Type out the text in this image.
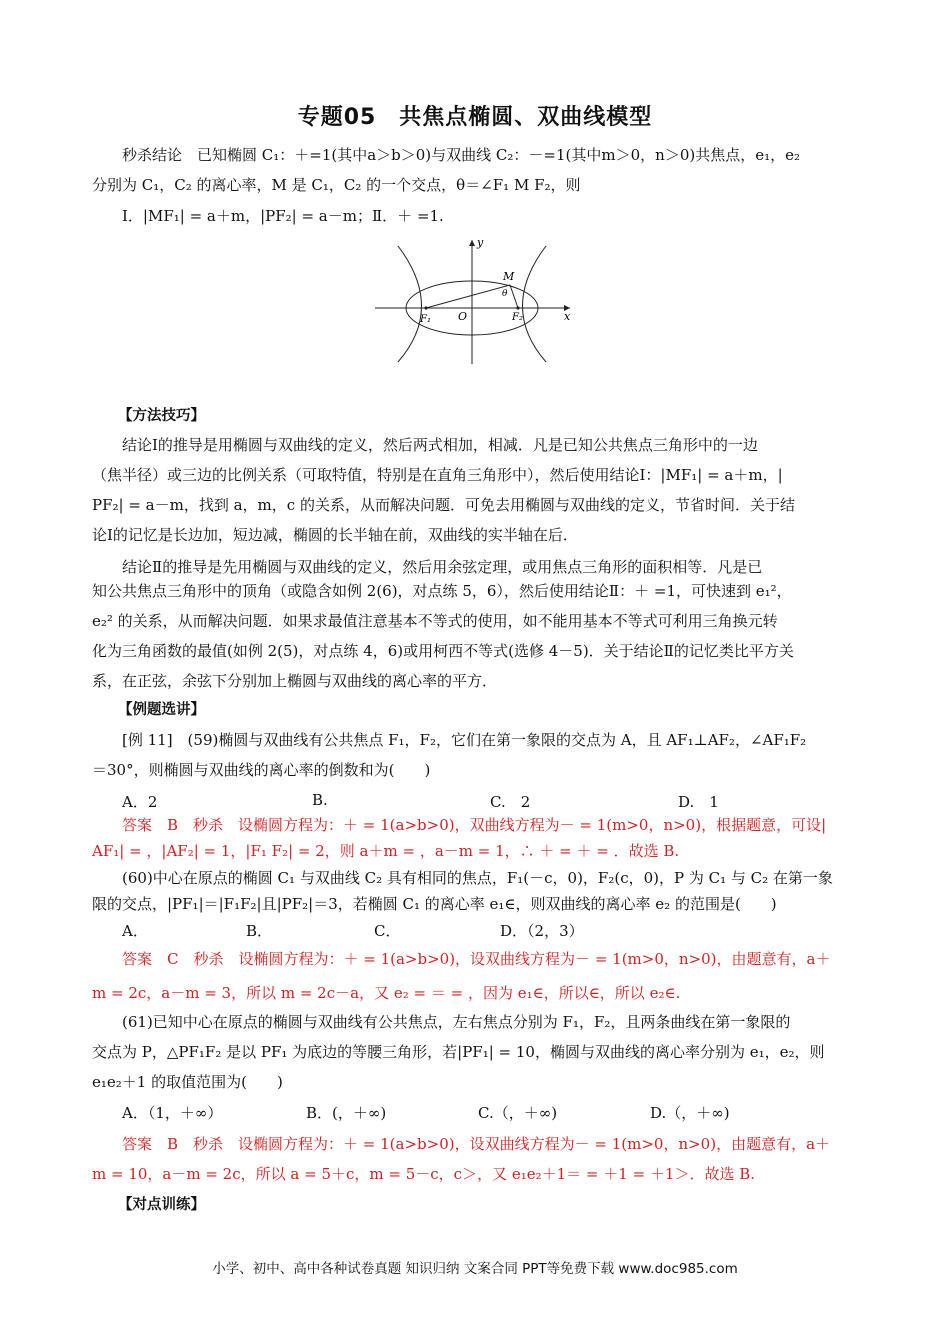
专题05　共焦点椭圆、双曲线模型
秒杀结论　已知椭圆 C₁：＋=1(其中a＞b＞0)与双曲线 C₂：－=1(其中m＞0，n＞0)共焦点，e₁，e₂
分别为 C₁，C₂ 的离心率，M 是 C₁，C₂ 的一个交点，θ＝∠F₁ M F₂，则
Ⅰ．|MF₁| = a＋m，|PF₂| = a－m；Ⅱ．＋ =1.
y
M
θ
F₁ O	F₂	x
【方法技巧】
结论Ⅰ的推导是用椭圆与双曲线的定义，然后两式相加，相减．凡是已知公共焦点三角形中的一边
（焦半径）或三边的比例关系（可取特值，特别是在直角三角形中），然后使用结论Ⅰ：|MF₁| = a＋m，|
PF₂| = a－m，找到 a，m，c 的关系，从而解决问题．可免去用椭圆与双曲线的定义，节省时间．关于结
论Ⅰ的记忆是长边加，短边减，椭圆的长半轴在前，双曲线的实半轴在后．
结论Ⅱ的推导是先用椭圆与双曲线的定义，然后用余弦定理，或用焦点三角形的面积相等．凡是已
知公共焦点三角形中的顶角（或隐含如例 2(6)，对点练 5，6），然后使用结论Ⅱ：＋ =1，可快速到 e₁²，
e₂² 的关系，从而解决问题．如果求最值注意基本不等式的使用，如不能用基本不等式可利用三角换元转
化为三角函数的最值(如例 2(5)，对点练 4，6)或用柯西不等式(选修 4－5)．关于结论Ⅱ的记忆类比平方关
系，在正弦，余弦下分别加上椭圆与双曲线的离心率的平方．
【例题选讲】
[例 11]　(59)椭圆与双曲线有公共焦点 F₁，F₂，它们在第一象限的交点为 A，且 AF₁⊥AF₂，∠AF₁F₂
＝30°，则椭圆与双曲线的离心率的倒数和为(　　)
A．2	B.	C.　2	D.　1
答案　B　秒杀　设椭圆方程为：＋ = 1(a>b>0)，双曲线方程为－ = 1(m>0，n>0)，根据题意，可设|
AF₁| = ，|AF₂| = 1，|F₁ F₂| = 2，则 a＋m = ，a－m = 1，∴ ＋ = ＋ = ．故选 B.
(60)中心在原点的椭圆 C₁ 与双曲线 C₂ 具有相同的焦点，F₁(－c，0)，F₂(c，0)，P 为 C₁ 与 C₂ 在第一象
限的交点，|PF₁|＝|F₁F₂|且|PF₂|＝3，若椭圆 C₁ 的离心率 e₁∈，则双曲线的离心率 e₂ 的范围是(　　)
A．	B．	C．	D．（2，3）
答案　C　秒杀　设椭圆方程为：＋ = 1(a>b>0)，设双曲线方程为－ = 1(m>0，n>0)，由题意有，a＋
m = 2c，a－m = 3，所以 m = 2c－a，又 e₂ = ＝ = ，因为 e₁∈，所以∈，所以 e₂∈.
(61)已知中心在原点的椭圆与双曲线有公共焦点，左右焦点分别为 F₁，F₂，且两条曲线在第一象限的
交点为 P，△PF₁F₂ 是以 PF₁ 为底边的等腰三角形，若|PF₁| = 10，椭圆与双曲线的离心率分别为 e₁，e₂，则
e₁e₂＋1 的取值范围为(　　)
A．（1，＋∞）	B．(，＋∞)	C.（，＋∞)	D.（，＋∞)
答案　B　秒杀　设椭圆方程为：＋ = 1(a>b>0)，设双曲线方程为－ = 1(m>0，n>0)，由题意有，a＋
m = 10，a－m = 2c，所以 a = 5＋c，m = 5－c，c＞，又 e₁e₂＋1＝ = ＋1 = ＋1＞．故选 B.
【对点训练】
小学、初中、高中各种试卷真题 知识归纳 文案合同 PPT等免费下载 www.doc985.com
